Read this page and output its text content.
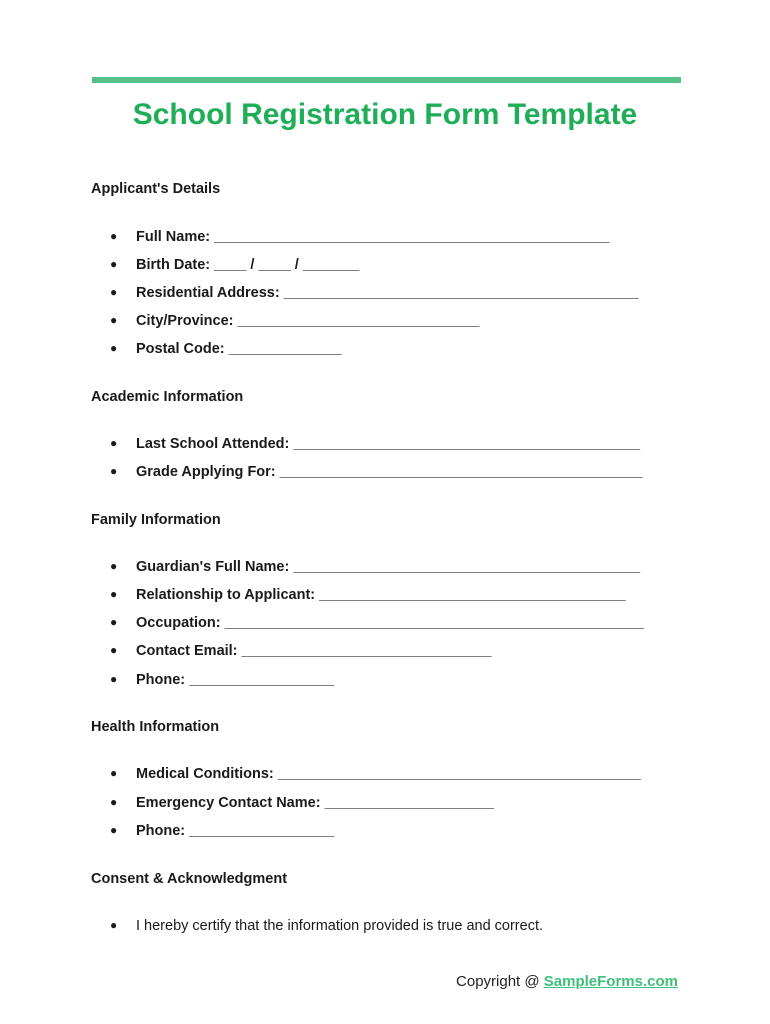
School Registration Form Template
Applicant's Details
● Full Name: _________________________________________________
● Birth Date: ____ / ____ / _______
● Residential Address: ____________________________________________
● City/Province: ______________________________
● Postal Code: ______________
Academic Information
● Last School Attended: ___________________________________________
● Grade Applying For: _____________________________________________
Family Information
● Guardian's Full Name: ___________________________________________
● Relationship to Applicant: ______________________________________
● Occupation: ____________________________________________________
● Contact Email: _______________________________
● Phone: __________________
Health Information
● Medical Conditions: _____________________________________________
● Emergency Contact Name: _____________________
● Phone: __________________
Consent & Acknowledgment
● I hereby certify that the information provided is true and correct.
Copyright @ SampleForms.com
